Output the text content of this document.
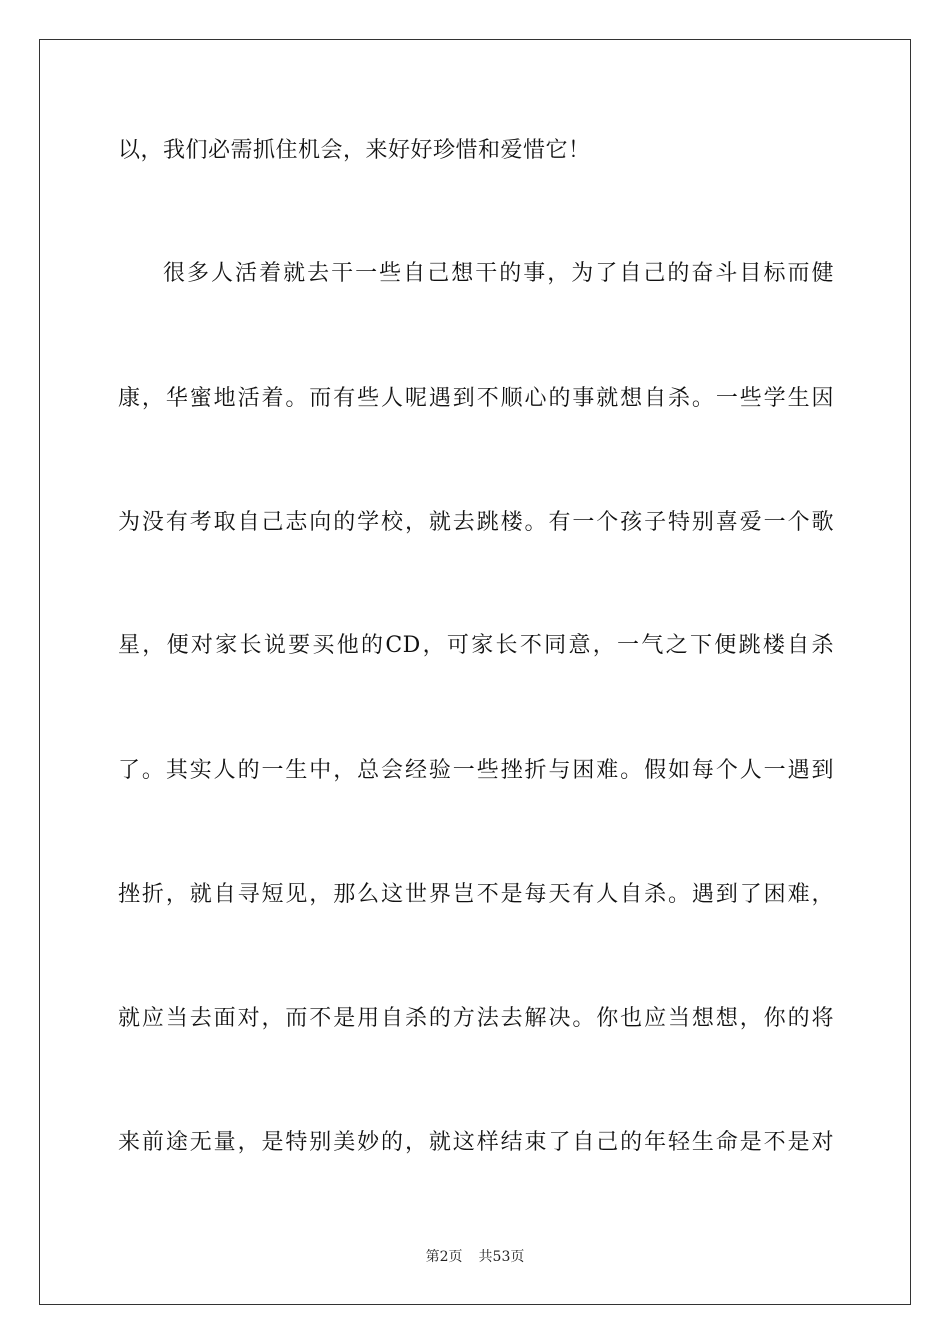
以，我们必需抓住机会，来好好珍惜和爱惜它！
很多人活着就去干一些自己想干的事，为了自己的奋斗目标而健
康，华蜜地活着。而有些人呢遇到不顺心的事就想自杀。一些学生因
为没有考取自己志向的学校，就去跳楼。有一个孩子特别喜爱一个歌
星，便对家长说要买他的CD，可家长不同意，一气之下便跳楼自杀
了。其实人的一生中，总会经验一些挫折与困难。假如每个人一遇到
挫折，就自寻短见，那么这世界岂不是每天有人自杀。遇到了困难，
就应当去面对，而不是用自杀的方法去解决。你也应当想想，你的将
来前途无量，是特别美妙的，就这样结束了自己的年轻生命是不是对
第2页 共53页
